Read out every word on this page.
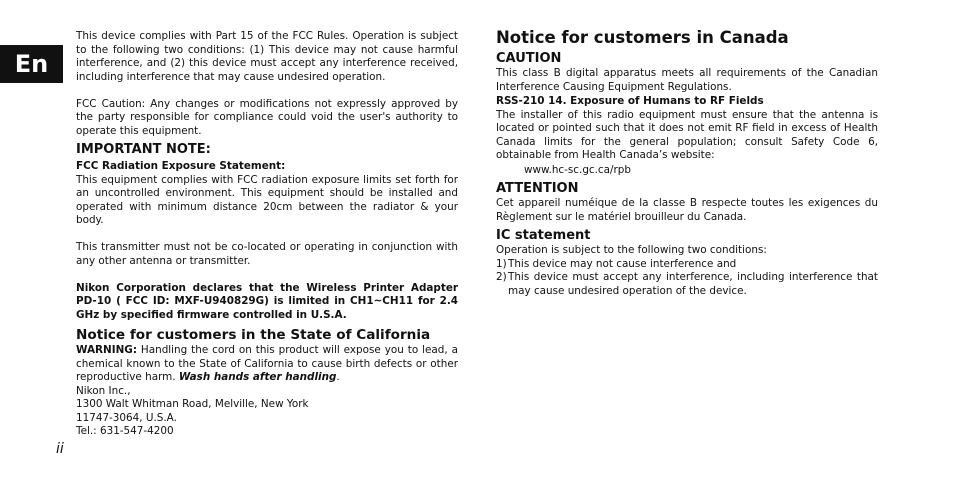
En

This device complies with Part 15 of the FCC Rules. Operation is subject to the following two conditions: (1) This device may not cause harmful interference, and (2) this device must accept any interference received, including interference that may cause undesired operation.

FCC Caution: Any changes or modifications not expressly approved by the party responsible for compliance could void the user's authority to operate this equipment.

IMPORTANT NOTE:

FCC Radiation Exposure Statement:

This equipment complies with FCC radiation exposure limits set forth for an uncontrolled environment. This equipment should be installed and operated with minimum distance 20cm between the radiator & your body.

This transmitter must not be co-located or operating in conjunction with any other antenna or transmitter.

Nikon Corporation declares that the Wireless Printer Adapter PD-10 ( FCC ID: MXF-U940829G) is limited in CH1~CH11 for 2.4 GHz by specified firmware controlled in U.S.A.

Notice for customers in the State of California

WARNING: Handling the cord on this product will expose you to lead, a chemical known to the State of California to cause birth defects or other reproductive harm. Wash hands after handling.

Nikon Inc.,

1300 Walt Whitman Road, Melville, New York

11747-3064, U.S.A.

Tel.: 631-547-4200

Notice for customers in Canada
CAUTION

This class B digital apparatus meets all requirements of the Canadian Interference Causing Equipment Regulations.

RSS-210 14. Exposure of Humans to RF Fields

The installer of this radio equipment must ensure that the antenna is located or pointed such that it does not emit RF field in excess of Health Canada limits for the general population; consult Safety Code 6, obtainable from Health Canada’s website:

www.hc-sc.gc.ca/rpb

ATTENTION

Cet appareil numéique de la classe B respecte toutes les exigences du Règlement sur le matériel brouilleur du Canada.

IC statement

Operation is subject to the following two conditions:

1) This device may not cause interference and
2) This device must accept any interference, including interference that may cause undesired operation of the device.
ii
